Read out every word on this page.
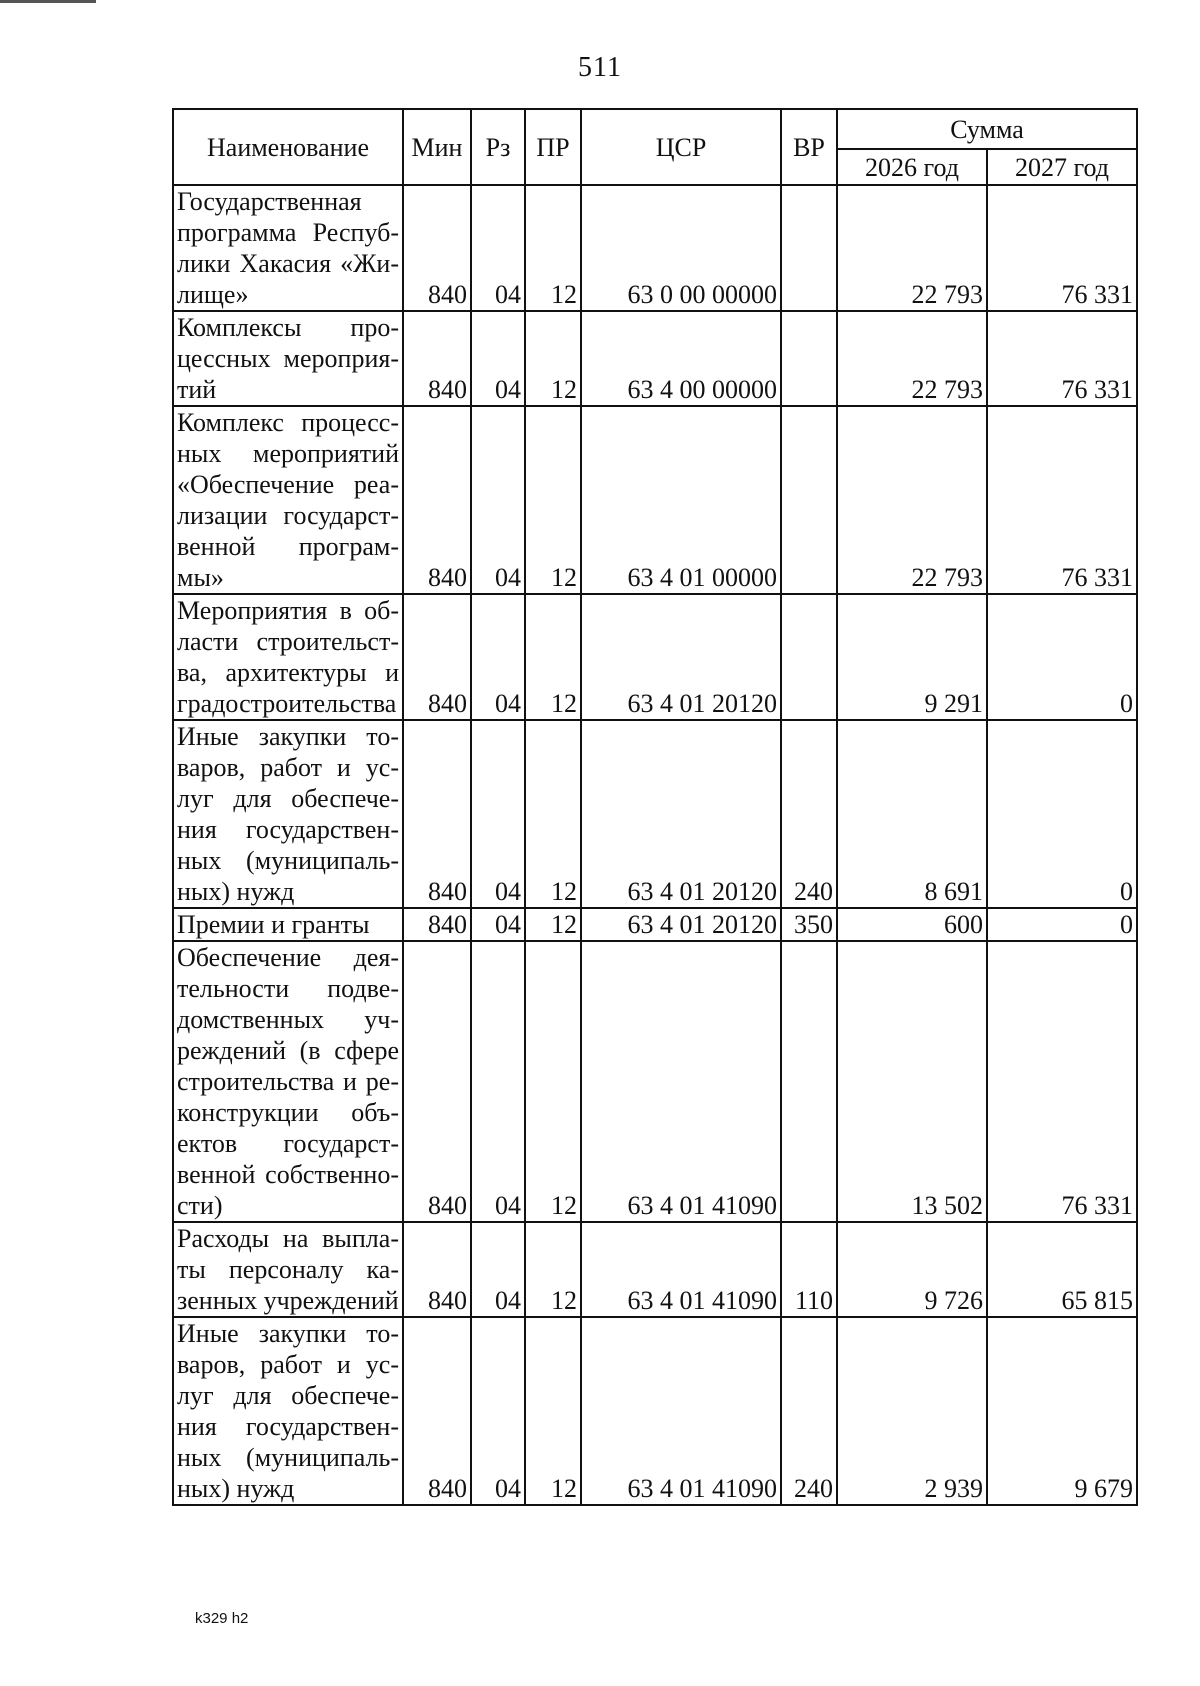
511
Наименование	Мин	Рз	ПР	ЦСР	ВР	Сумма	
						2026 год	2027 год
Государственная программа Республики Хакасия «Жилище»	840	04	12	63 0 00 00000		22 793	76 331
Комплексы процессных мероприятий	840	04	12	63 4 00 00000		22 793	76 331
Комплекс процессных мероприятий «Обеспечение реализации государственной программы»	840	04	12	63 4 01 00000		22 793	76 331
Мероприятия в области строительства, архитектуры и градостроительства	840	04	12	63 4 01 20120		9 291	0
Иные закупки товаров, работ и услуг для обеспечения государственных (муниципальных) нужд	840	04	12	63 4 01 20120	240	8 691	0
Премии и гранты	840	04	12	63 4 01 20120	350	600	0
Обеспечение деятельности подведомственных учреждений (в сфере строительства и реконструкции объектов государственной собственности)	840	04	12	63 4 01 41090		13 502	76 331
Расходы на выплаты персоналу казенных учреждений	840	04	12	63 4 01 41090	110	9 726	65 815
Иные закупки товаров, работ и услуг для обеспечения государственных (муниципальных) нужд	840	04	12	63 4 01 41090	240	2 939	9 679
k329 h2
